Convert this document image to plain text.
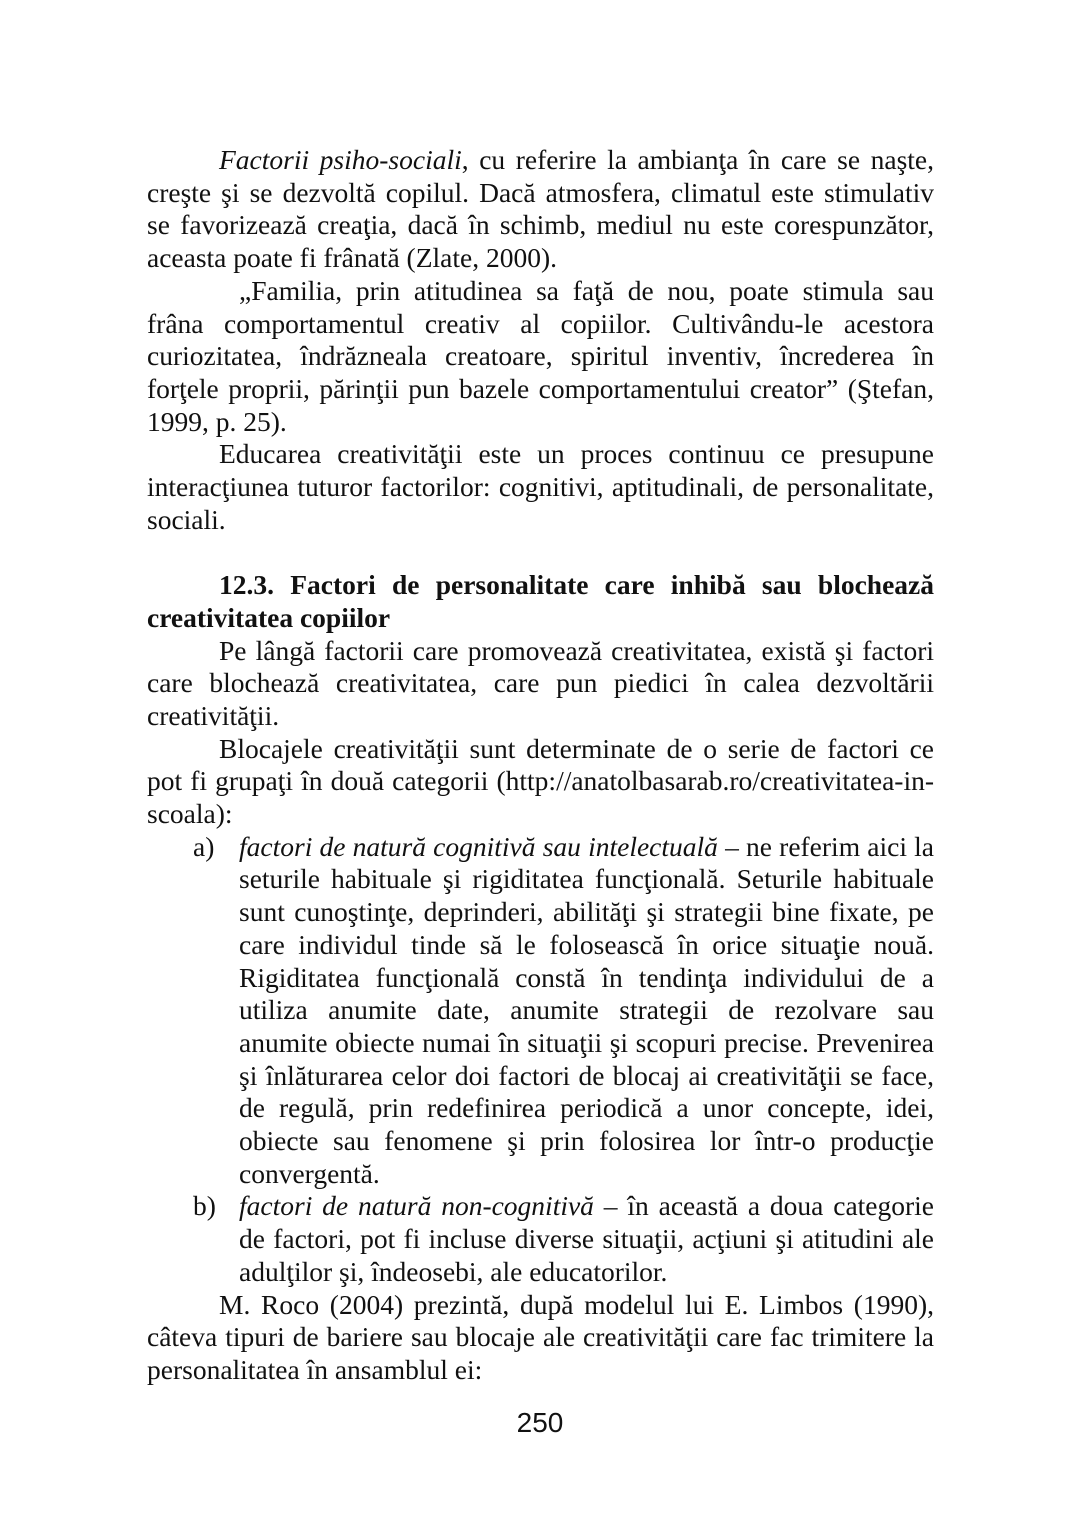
Factorii psiho-sociali, cu referire la ambianţa în care se naşte, creşte şi se dezvoltă copilul. Dacă atmosfera, climatul este stimulativ se favorizează creaţia, dacă în schimb, mediul nu este corespunzător, aceasta poate fi frânată (Zlate, 2000).

„Familia, prin atitudinea sa faţă de nou, poate stimula sau frâna comportamentul creativ al copiilor. Cultivându-le acestora curiozitatea, îndrăzneala creatoare, spiritul inventiv, încrederea în forţele proprii, părinţii pun bazele comportamentului creator” (Ştefan, 1999, p. 25).

Educarea creativităţii este un proces continuu ce presupune interacţiunea tuturor factorilor: cognitivi, aptitudinali, de personalitate, sociali.

12.3. Factori de personalitate care inhibă sau blochează creativitatea copiilor

Pe lângă factorii care promovează creativitatea, există şi factori care blochează creativitatea, care pun piedici în calea dezvoltării creativităţii.

Blocajele creativităţii sunt determinate de o serie de factori ce pot fi grupaţi în două categorii (http://anatolbasarab.ro/creativitatea-in-scoala):

a) factori de natură cognitivă sau intelectuală – ne referim aici la seturile habituale şi rigiditatea funcţională. Seturile habituale sunt cunoştinţe, deprinderi, abilităţi şi strategii bine fixate, pe care individul tinde să le folosească în orice situaţie nouă. Rigiditatea funcţională constă în tendinţa individului de a utiliza anumite date, anumite strategii de rezolvare sau anumite obiecte numai în situaţii şi scopuri precise. Prevenirea şi înlăturarea celor doi factori de blocaj ai creativităţii se face, de regulă, prin redefinirea periodică a unor concepte, idei, obiecte sau fenomene şi prin folosirea lor într-o producţie convergentă.
b) factori de natură non-cognitivă – în această a doua categorie de factori, pot fi incluse diverse situaţii, acţiuni şi atitudini ale adulţilor şi, îndeosebi, ale educatorilor.

M. Roco (2004) prezintă, după modelul lui E. Limbos (1990), câteva tipuri de bariere sau blocaje ale creativităţii care fac trimitere la personalitatea în ansamblul ei:

250
